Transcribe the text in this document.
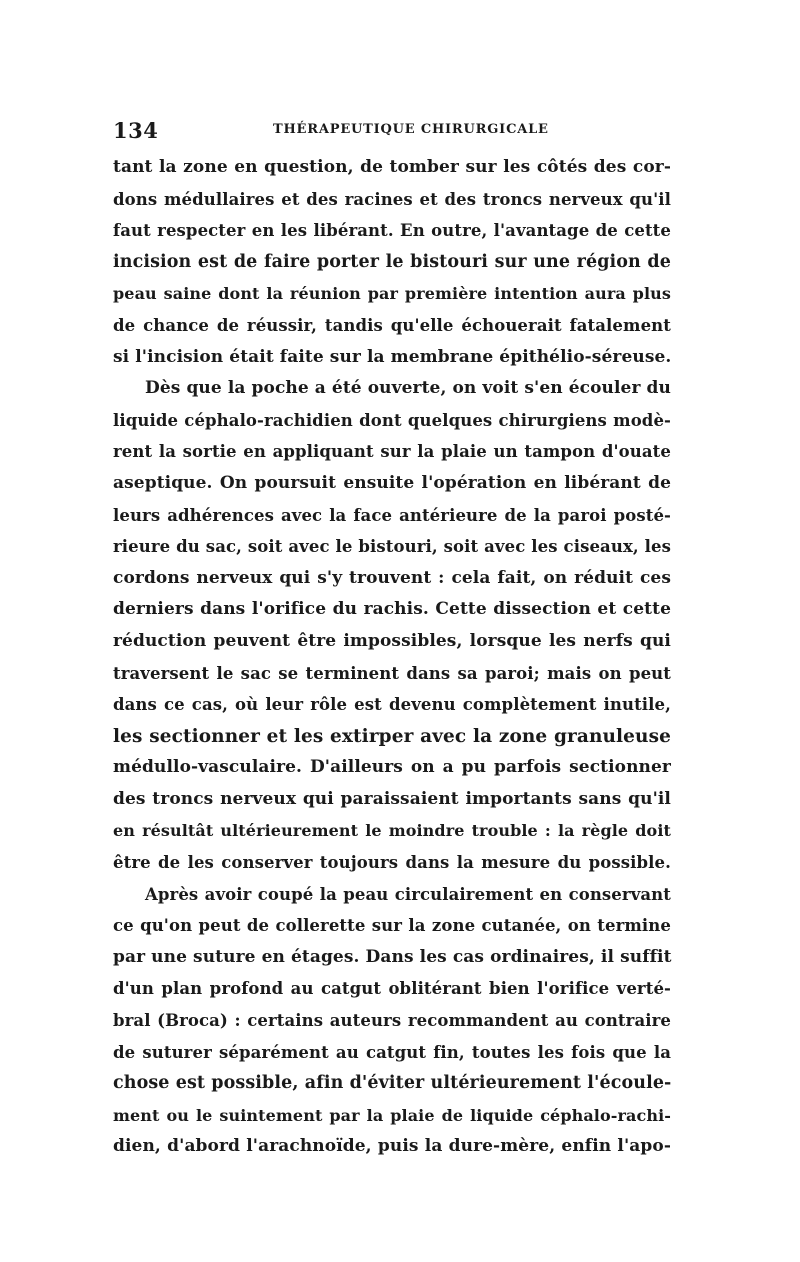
134	THÉRAPEUTIQUE CHIRURGICALE
tant la zone en question, de tomber sur les côtés des cor-
dons médullaires et des racines et des troncs nerveux qu'il
faut respecter en les libérant. En outre, l'avantage de cette
incision est de faire porter le bistouri sur une région de
peau saine dont la réunion par première intention aura plus
de chance de réussir, tandis qu'elle échouerait fatalement
si l'incision était faite sur la membrane épithélio-séreuse.
Dès que la poche a été ouverte, on voit s'en écouler du
liquide céphalo-rachidien dont quelques chirurgiens modè-
rent la sortie en appliquant sur la plaie un tampon d'ouate
aseptique. On poursuit ensuite l'opération en libérant de
leurs adhérences avec la face antérieure de la paroi posté-
rieure du sac, soit avec le bistouri, soit avec les ciseaux, les
cordons nerveux qui s'y trouvent : cela fait, on réduit ces
derniers dans l'orifice du rachis. Cette dissection et cette
réduction peuvent être impossibles, lorsque les nerfs qui
traversent le sac se terminent dans sa paroi; mais on peut
dans ce cas, où leur rôle est devenu complètement inutile,
les sectionner et les extirper avec la zone granuleuse
médullo-vasculaire. D'ailleurs on a pu parfois sectionner
des troncs nerveux qui paraissaient importants sans qu'il
en résultât ultérieurement le moindre trouble : la règle doit
être de les conserver toujours dans la mesure du possible.
Après avoir coupé la peau circulairement en conservant
ce qu'on peut de collerette sur la zone cutanée, on termine
par une suture en étages. Dans les cas ordinaires, il suffit
d'un plan profond au catgut oblitérant bien l'orifice verté-
bral (Broca) : certains auteurs recommandent au contraire
de suturer séparément au catgut fin, toutes les fois que la
chose est possible, afin d'éviter ultérieurement l'écoule-
ment ou le suintement par la plaie de liquide céphalo-rachi-
dien, d'abord l'arachnoïde, puis la dure-mère, enfin l'apo-
